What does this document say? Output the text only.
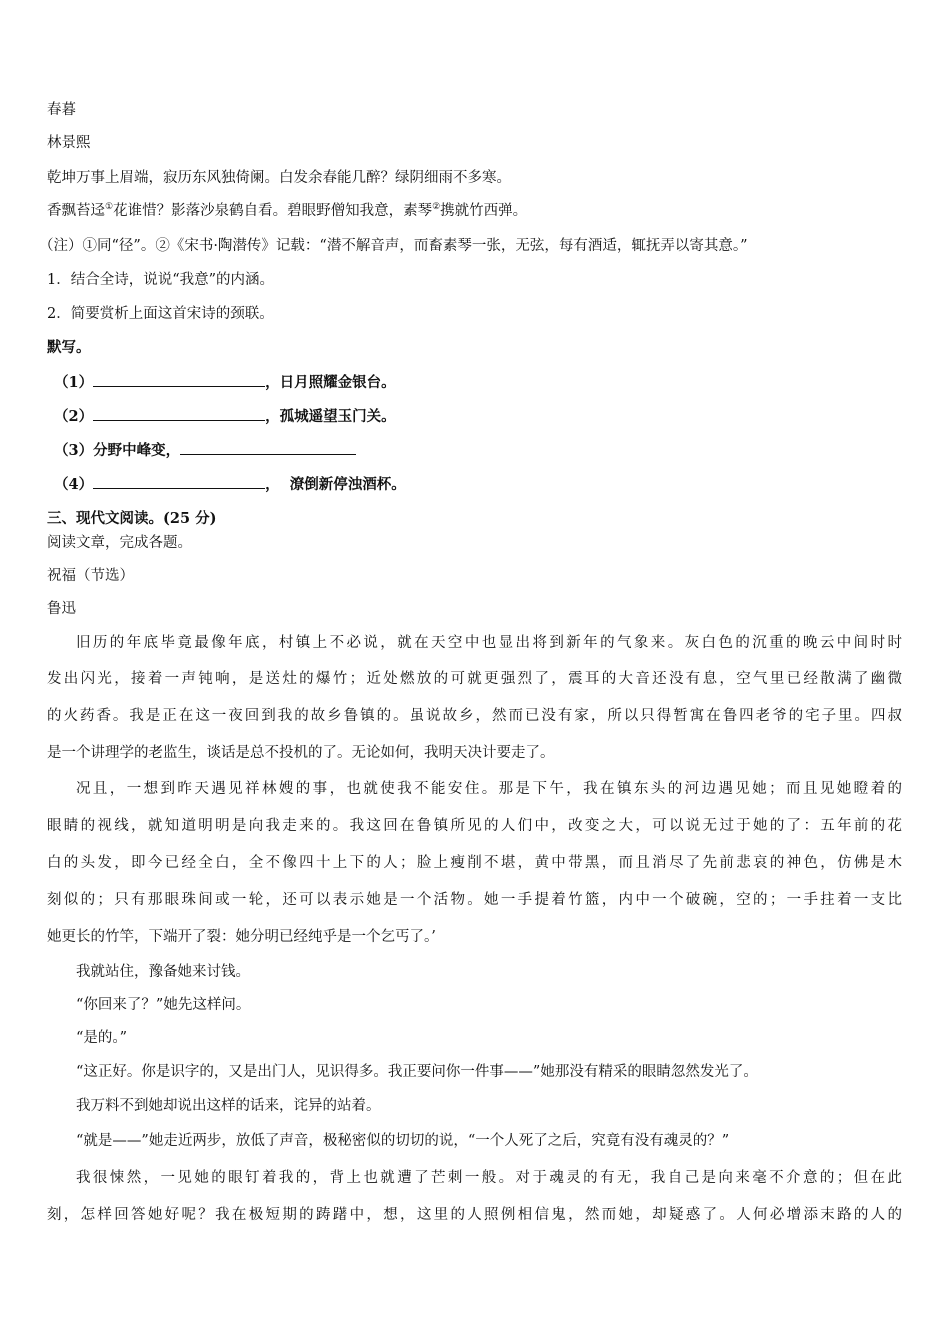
春暮
林景熙
乾坤万事上眉端，寂历东风独倚阑。白发余春能几醉？绿阴细雨不多寒。
香飘苔迳①花谁惜？影落沙泉鹤自看。碧眼野僧知我意，素琴②携就竹西弹。
（注）①同“径”。②《宋书·陶潜传》记载：“潜不解音声，而畜素琴一张，无弦，每有酒适，辄抚弄以寄其意。”
1．结合全诗，说说“我意”的内涵。
2．简要赏析上面这首宋诗的颈联。
默写。
（1）	，日月照耀金银台。
（2）	，孤城遥望玉门关。
（3）分野中峰变，
（4）	，  潦倒新停浊酒杯。
三、现代文阅读。(25 分)
阅读文章，完成各题。
祝福（节选）
鲁迅
旧历的年底毕竟最像年底，村镇上不必说，就在天空中也显出将到新年的气象来。灰白色的沉重的晚云中间时时
发出闪光，接着一声钝响，是送灶的爆竹；近处燃放的可就更强烈了，震耳的大音还没有息，空气里已经散满了幽微
的火药香。我是正在这一夜回到我的故乡鲁镇的。虽说故乡，然而已没有家，所以只得暂寓在鲁四老爷的宅子里。四叔
是一个讲理学的老监生，谈话是总不投机的了。无论如何，我明天决计要走了。
况且，一想到昨天遇见祥林嫂的事，也就使我不能安住。那是下午，我在镇东头的河边遇见她；而且见她瞪着的
眼睛的视线，就知道明明是向我走来的。我这回在鲁镇所见的人们中，改变之大，可以说无过于她的了：五年前的花
白的头发，即今已经全白，全不像四十上下的人；脸上瘦削不堪，黄中带黑，而且消尽了先前悲哀的神色，仿佛是木
刻似的；只有那眼珠间或一轮，还可以表示她是一个活物。她一手提着竹篮，内中一个破碗，空的；一手拄着一支比
她更长的竹竿，下端开了裂：她分明已经纯乎是一个乞丐了。’
我就站住，豫备她来讨钱。
“你回来了？”她先这样问。
“是的。”
“这正好。你是识字的，又是出门人，见识得多。我正要问你一件事——”她那没有精采的眼睛忽然发光了。
我万料不到她却说出这样的话来，诧异的站着。
“就是——”她走近两步，放低了声音，极秘密似的切切的说，“一个人死了之后，究竟有没有魂灵的？”
我很悚然，一见她的眼钉着我的，背上也就遭了芒刺一般。对于魂灵的有无，我自己是向来毫不介意的；但在此
刻，怎样回答她好呢？我在极短期的踌躇中，想，这里的人照例相信鬼，然而她，却疑惑了。人何必增添末路的人的
